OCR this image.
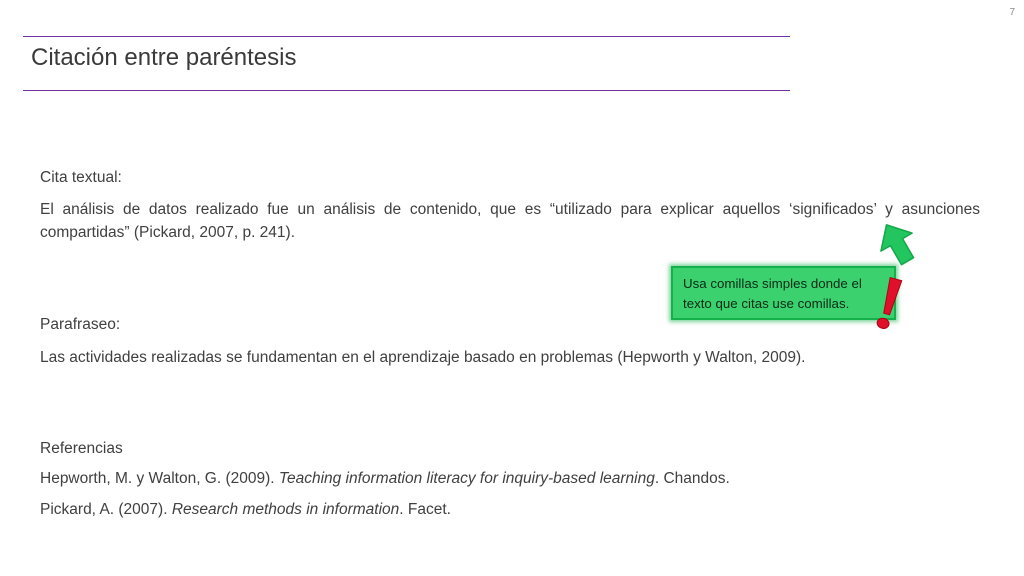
7
Citación entre paréntesis
Cita textual:
El análisis de datos realizado fue un análisis de contenido, que es “utilizado para explicar aquellos ‘significados’ y asunciones compartidas” (Pickard, 2007, p. 241).
Usa comillas simples donde el
texto que citas use comillas.
Parafraseo:
Las actividades realizadas se fundamentan en el aprendizaje basado en problemas (Hepworth y Walton, 2009).
Referencias
Hepworth, M. y Walton, G. (2009). Teaching information literacy for inquiry-based learning. Chandos.
Pickard, A. (2007). Research methods in information. Facet.
